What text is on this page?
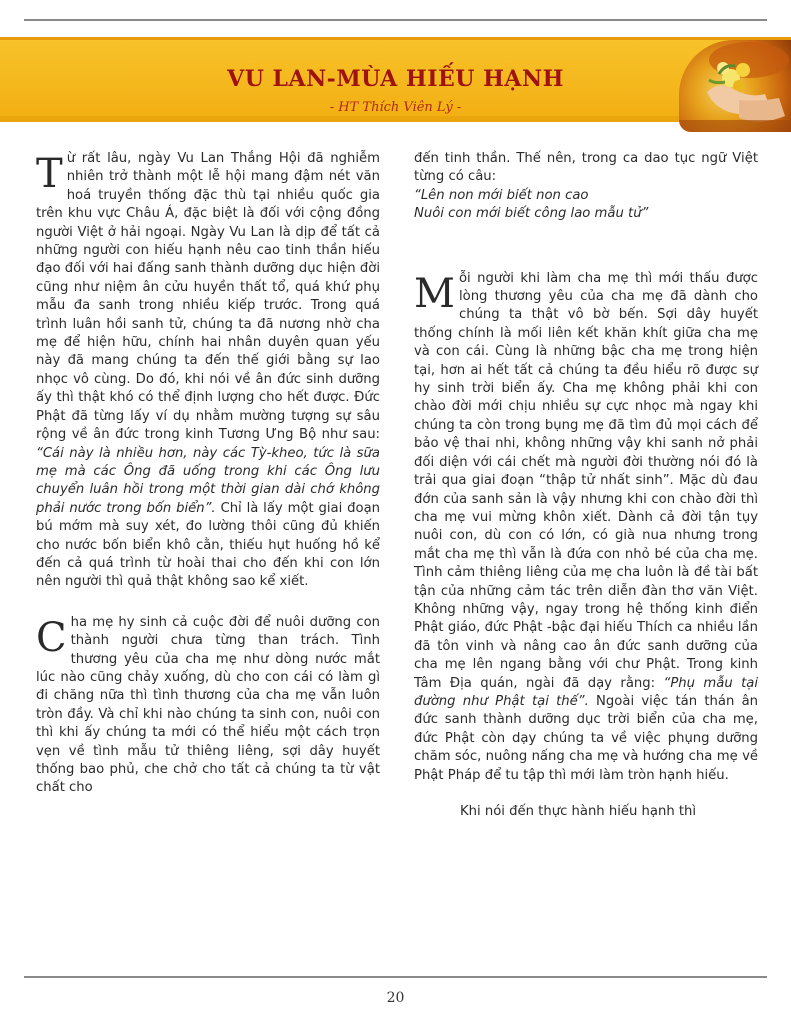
VU LAN-MÙA HIẾU HẠNH
- HT Thích Viên Lý -

Từ rất lâu, ngày Vu Lan Thắng Hội đã nghiễm nhiên trở thành một lễ hội mang đậm nét văn hoá truyền thống đặc thù tại nhiều quốc gia trên khu vực Châu Á, đặc biệt là đối với cộng đồng người Việt ở hải ngoại. Ngày Vu Lan là dịp để tất cả những người con hiếu hạnh nêu cao tinh thần hiếu đạo đối với hai đấng sanh thành dưỡng dục hiện đời cũng như niệm ân cửu huyền thất tổ, quá khứ phụ mẫu đa sanh trong nhiều kiếp trước. Trong quá trình luân hồi sanh tử, chúng ta đã nương nhờ cha mẹ để hiện hữu, chính hai nhân duyên quan yếu này đã mang chúng ta đến thế giới bằng sự lao nhọc vô cùng. Do đó, khi nói về ân đức sinh dưỡng ấy thì thật khó có thể định lượng cho hết được. Đức Phật đã từng lấy ví dụ nhằm mường tượng sự sâu rộng về ân đức trong kinh Tương Ưng Bộ như sau: “Cái này là nhiều hơn, này các Tỳ-kheo, tức là sữa mẹ mà các Ông đã uống trong khi các Ông lưu chuyển luân hồi trong một thời gian dài chớ không phải nước trong bốn biển”. Chỉ là lấy một giai đoạn bú mớm mà suy xét, đo lường thôi cũng đủ khiến cho nước bốn biển khô cằn, thiếu hụt huống hồ kể đến cả quá trình từ hoài thai cho đến khi con lớn nên người thì quả thật không sao kể xiết.

Cha mẹ hy sinh cả cuộc đời để nuôi dưỡng con thành người chưa từng than trách. Tình thương yêu của cha mẹ như dòng nước mắt lúc nào cũng chảy xuống, dù cho con cái có làm gì đi chăng nữa thì tình thương của cha mẹ vẫn luôn tròn đầy. Và chỉ khi nào chúng ta sinh con, nuôi con thì khi ấy chúng ta mới có thể hiểu một cách trọn vẹn về tình mẫu tử thiêng liêng, sợi dây huyết thống bao phủ, che chở cho tất cả chúng ta từ vật chất cho

đến tinh thần. Thế nên, trong ca dao tục ngữ Việt từng có câu:

“Lên non mới biết non cao

Nuôi con mới biết công lao mẫu tử”

Mỗi người khi làm cha mẹ thì mới thấu được lòng thương yêu của cha mẹ đã dành cho chúng ta thật vô bờ bến. Sợi dây huyết thống chính là mối liên kết khăn khít giữa cha mẹ và con cái. Cùng là những bậc cha mẹ trong hiện tại, hơn ai hết tất cả chúng ta đều hiểu rõ được sự hy sinh trời biển ấy. Cha mẹ không phải khi con chào đời mới chịu nhiều sự cực nhọc mà ngay khi chúng ta còn trong bụng mẹ đã tìm đủ mọi cách để bảo vệ thai nhi, không những vậy khi sanh nở phải đối diện với cái chết mà người đời thường nói đó là trải qua giai đoạn “thập tử nhất sinh”. Mặc dù đau đớn của sanh sản là vậy nhưng khi con chào đời thì cha mẹ vui mừng khôn xiết. Dành cả đời tận tụy nuôi con, dù con có lớn, có già nua nhưng trong mắt cha mẹ thì vẫn là đứa con nhỏ bé của cha mẹ. Tình cảm thiêng liêng của mẹ cha luôn là đề tài bất tận của những cảm tác trên diễn đàn thơ văn Việt. Không những vậy, ngay trong hệ thống kinh điển Phật giáo, đức Phật -bậc đại hiếu Thích ca nhiều lần đã tôn vinh và nâng cao ân đức sanh dưỡng của cha mẹ lên ngang bằng với chư Phật. Trong kinh Tâm Địa quán, ngài đã dạy rằng: “Phụ mẫu tại đường như Phật tại thế”. Ngoài việc tán thán ân đức sanh thành dưỡng dục trời biển của cha mẹ, đức Phật còn dạy chúng ta về việc phụng dưỡng chăm sóc, nuông nấng cha mẹ và hướng cha mẹ về Phật Pháp để tu tập thì mới làm tròn hạnh hiếu.

Khi nói đến thực hành hiếu hạnh thì

20
